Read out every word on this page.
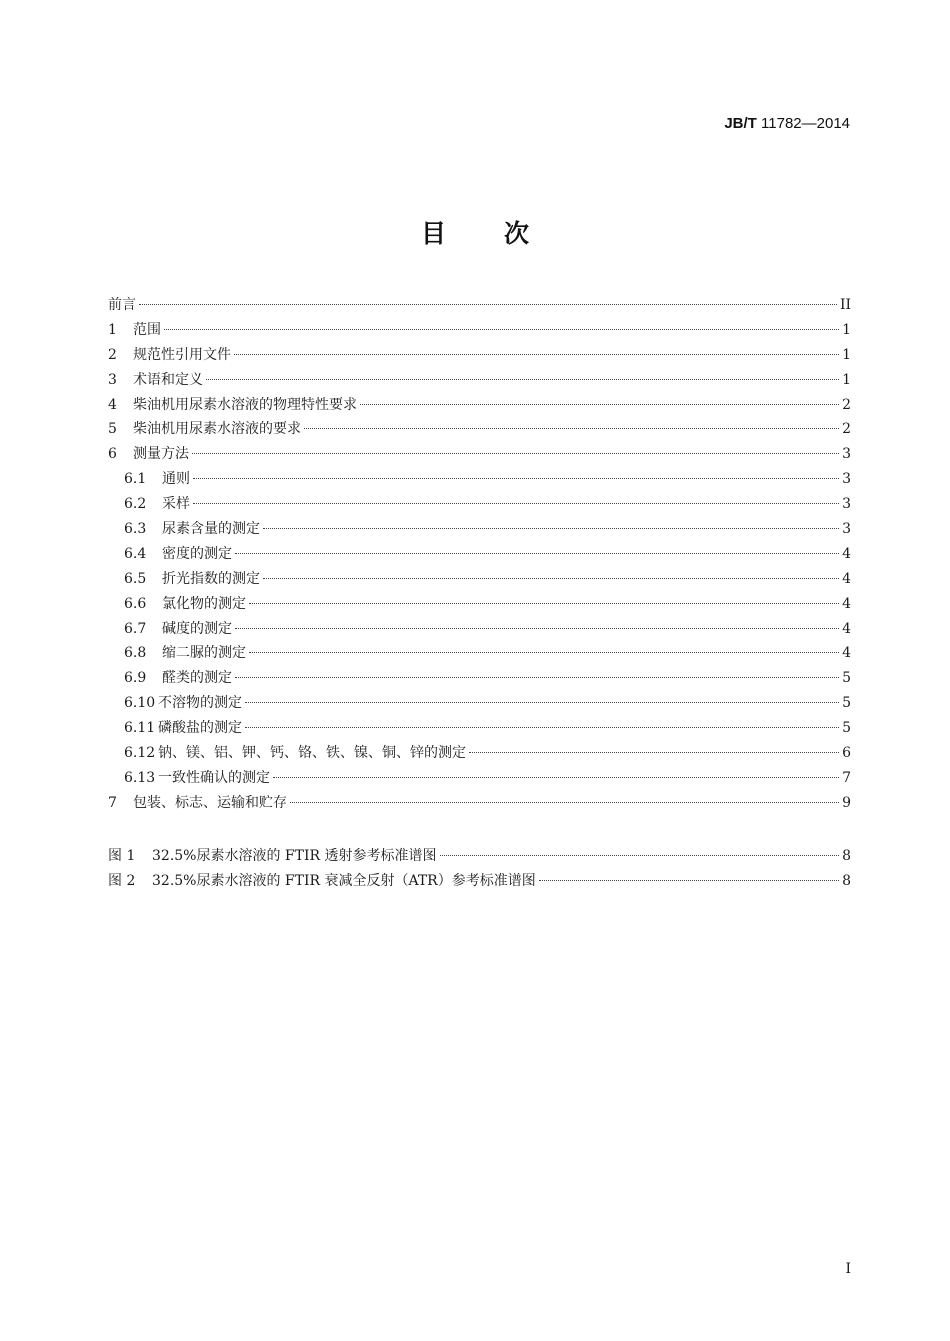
JB/T 11782—2014
目次
前言	II
1	范围	1
2	规范性引用文件	1
3	术语和定义	1
4	柴油机用尿素水溶液的物理特性要求	2
5	柴油机用尿素水溶液的要求	2
6	测量方法	3
6.1	通则	3
6.2	采样	3
6.3	尿素含量的测定	3
6.4	密度的测定	4
6.5	折光指数的测定	4
6.6	氯化物的测定	4
6.7	碱度的测定	4
6.8	缩二脲的测定	4
6.9	醛类的测定	5
6.10 不溶物的测定	5
6.11 磷酸盐的测定	5
6.12 钠、镁、铝、钾、钙、铬、铁、镍、铜、锌的测定	6
6.13 一致性确认的测定	7
7	包装、标志、运输和贮存	9
图 1	32.5%尿素水溶液的 FTIR 透射参考标准谱图	8
图 2	32.5%尿素水溶液的 FTIR 衰减全反射（ATR）参考标准谱图	8
I
